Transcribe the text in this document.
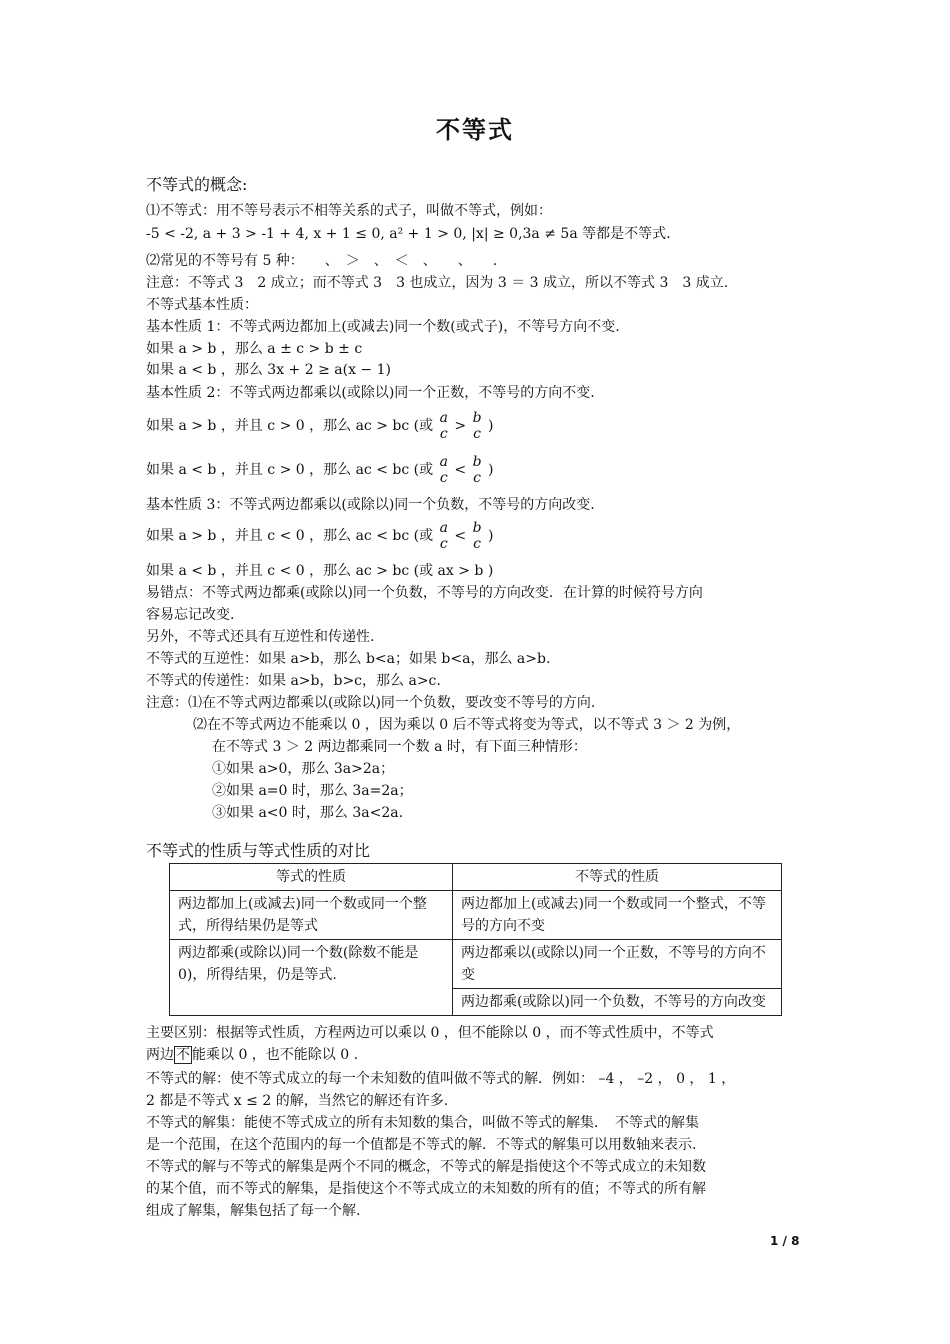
不等式
不等式的概念:
⑴不等式：用不等号表示不相等关系的式子，叫做不等式，例如：
-5 < -2, a + 3 > -1 + 4, x + 1 ≤ 0, a² + 1 > 0, |x| ≥ 0,3a ≠ 5a 等都是不等式.
⑵常见的不等号有 5 种：　　、　＞　、　＜　、　　、　　.
注意：不等式 3　2 成立；而不等式 3　3 也成立，因为 3 ＝ 3 成立，所以不等式 3　3 成立.
不等式基本性质：
基本性质 1：不等式两边都加上(或减去)同一个数(或式子)，不等号方向不变.
如果 a > b ，那么 a ± c > b ± c
如果 a < b ，那么 3x + 2 ≥ a(x − 1)
基本性质 2：不等式两边都乘以(或除以)同一个正数，不等号的方向不变.
如果 a > b ，并且 c > 0 ，那么 ac > bc (或 a
c > b
c )
如果 a < b ，并且 c > 0 ，那么 ac < bc (或 a
c < b
c )
基本性质 3：不等式两边都乘以(或除以)同一个负数，不等号的方向改变.
如果 a > b ，并且 c < 0 ，那么 ac < bc (或 a
c < b
c )
如果 a < b ，并且 c < 0 ，那么 ac > bc (或 ax > b )
易错点：不等式两边都乘(或除以)同一个负数，不等号的方向改变．在计算的时候符号方向
容易忘记改变.
另外，不等式还具有互逆性和传递性.
不等式的互逆性：如果 a>b，那么 b<a；如果 b<a，那么 a>b.
不等式的传递性：如果 a>b，b>c，那么 a>c.
注意：⑴在不等式两边都乘以(或除以)同一个负数，要改变不等号的方向.
⑵在不等式两边不能乘以 0 ，因为乘以 0 后不等式将变为等式，以不等式 3 ＞ 2 为例，
在不等式 3 ＞ 2 两边都乘同一个数 a 时，有下面三种情形：
①如果 a>0，那么 3a>2a；
②如果 a=0 时，那么 3a=2a；
③如果 a<0 时，那么 3a<2a.
不等式的性质与等式性质的对比
等式的性质	不等式的性质
两边都加上(或减去)同一个数或同一个整式，所得结果仍是等式	两边都加上(或减去)同一个数或同一个整式，不等号的方向不变
两边都乘(或除以)同一个数(除数不能是 0)，所得结果，仍是等式.	两边都乘以(或除以)同一个正数，不等号的方向不变
	两边都乘(或除以)同一个负数，不等号的方向改变
主要区别：根据等式性质，方程两边可以乘以 0 ，但不能除以 0 ，而不等式性质中，不等式
两边 不 能乘以 0 ，也不能除以 0 .
不等式的解：使不等式成立的每一个未知数的值叫做不等式的解．例如： –4 ， –2 ， 0 ， 1 ，
2 都是不等式 x ≤ 2 的解，当然它的解还有许多.
不等式的解集：能使不等式成立的所有未知数的集合，叫做不等式的解集．　不等式的解集
是一个范围，在这个范围内的每一个值都是不等式的解．不等式的解集可以用数轴来表示.
不等式的解与不等式的解集是两个不同的概念，不等式的解是指使这个不等式成立的未知数
的某个值，而不等式的解集，是指使这个不等式成立的未知数的所有的值；不等式的所有解
组成了解集，解集包括了每一个解.
1 / 8
